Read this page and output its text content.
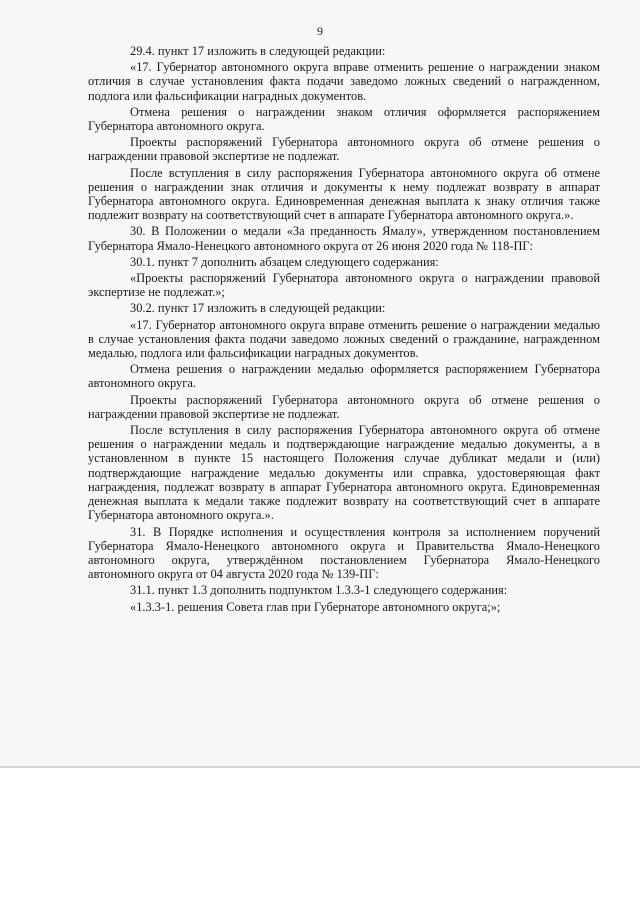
9

29.4. пункт 17 изложить в следующей редакции:

«17. Губернатор автономного округа вправе отменить решение о награждении знаком отличия в случае установления факта подачи заведомо ложных сведений о награжденном, подлога или фальсификации наградных документов.

Отмена решения о награждении знаком отличия оформляется распоряжением Губернатора автономного округа.

Проекты распоряжений Губернатора автономного округа об отмене решения о награждении правовой экспертизе не подлежат.

После вступления в силу распоряжения Губернатора автономного округа об отмене решения о награждении знак отличия и документы к нему подлежат возврату в аппарат Губернатора автономного округа. Единовременная денежная выплата к знаку отличия также подлежит возврату на соответствующий счет в аппарате Губернатора автономного округа.».

30. В Положении о медали «За преданность Ямалу», утвержденном постановлением Губернатора Ямало-Ненецкого автономного округа от 26 июня 2020 года № 118-ПГ:

30.1. пункт 7 дополнить абзацем следующего содержания:

«Проекты распоряжений Губернатора автономного округа о награждении правовой экспертизе не подлежат.»;

30.2. пункт 17 изложить в следующей редакции:

«17. Губернатор автономного округа вправе отменить решение о награждении медалью в случае установления факта подачи заведомо ложных сведений о гражданине, награжденном медалью, подлога или фальсификации наградных документов.

Отмена решения о награждении медалью оформляется распоряжением Губернатора автономного округа.

Проекты распоряжений Губернатора автономного округа об отмене решения о награждении правовой экспертизе не подлежат.

После вступления в силу распоряжения Губернатора автономного округа об отмене решения о награждении медаль и подтверждающие награждение медалью документы, а в установленном в пункте 15 настоящего Положения случае дубликат медали и (или) подтверждающие награждение медалью документы или справка, удостоверяющая факт награждения, подлежат возврату в аппарат Губернатора автономного округа. Единовременная денежная выплата к медали также подлежит возврату на соответствующий счет в аппарате Губернатора автономного округа.».

31. В Порядке исполнения и осуществления контроля за исполнением поручений Губернатора Ямало-Ненецкого автономного округа и Правительства Ямало-Ненецкого автономного округа, утверждённом постановлением Губернатора Ямало-Ненецкого автономного округа от 04 августа 2020 года № 139-ПГ:

31.1. пункт 1.3 дополнить подпунктом 1.3.3-1 следующего содержания:

«1.3.3-1. решения Совета глав при Губернаторе автономного округа;»;
